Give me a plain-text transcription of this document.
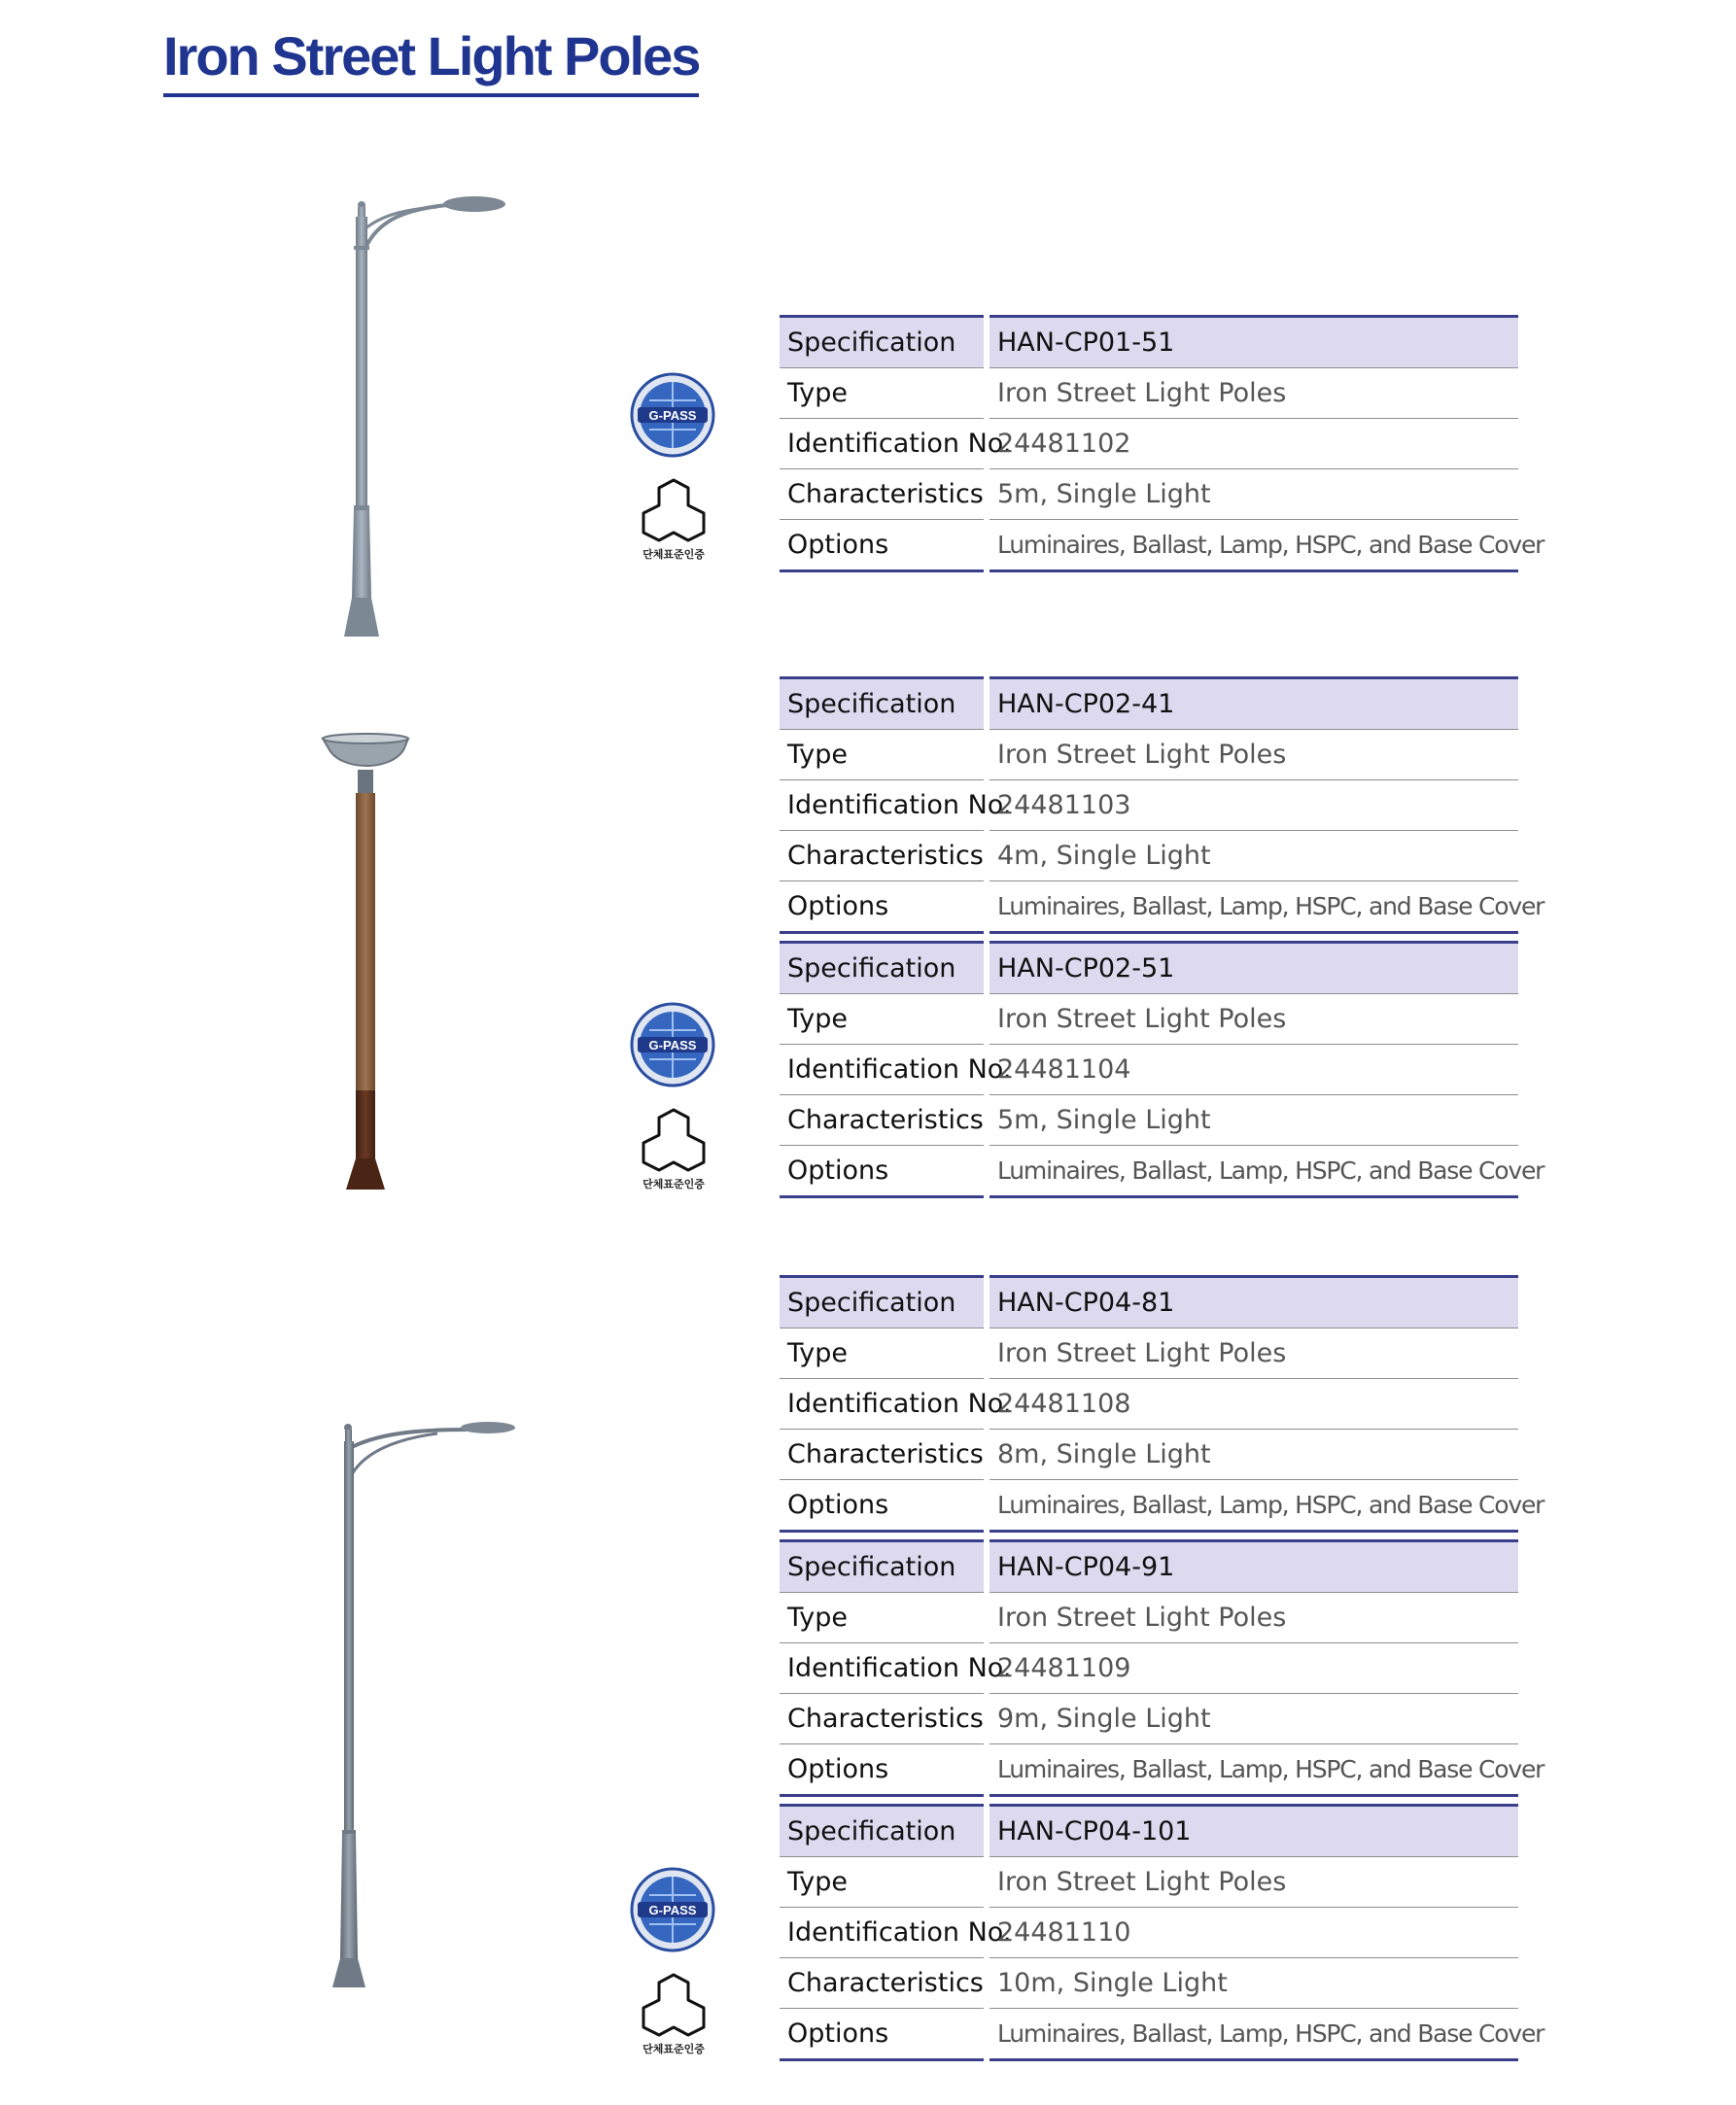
Iron Street Light Poles
G-PASS
단체표준인증
G-PASS
단체표준인증
G-PASS
단체표준인증
Specification	HAN-CP01-51
Type	Iron Street Light Poles
Identification No.	24481102
Characteristics	5m, Single Light
Options	Luminaires, Ballast, Lamp, HSPC, and Base Cover
Specification	HAN-CP02-41
Type	Iron Street Light Poles
Identification No.	24481103
Characteristics	4m, Single Light
Options	Luminaires, Ballast, Lamp, HSPC, and Base Cover
Specification	HAN-CP02-51
Type	Iron Street Light Poles
Identification No.	24481104
Characteristics	5m, Single Light
Options	Luminaires, Ballast, Lamp, HSPC, and Base Cover
Specification	HAN-CP04-81
Type	Iron Street Light Poles
Identification No.	24481108
Characteristics	8m, Single Light
Options	Luminaires, Ballast, Lamp, HSPC, and Base Cover
Specification	HAN-CP04-91
Type	Iron Street Light Poles
Identification No.	24481109
Characteristics	9m, Single Light
Options	Luminaires, Ballast, Lamp, HSPC, and Base Cover
Specification	HAN-CP04-101
Type	Iron Street Light Poles
Identification No.	24481110
Characteristics	10m, Single Light
Options	Luminaires, Ballast, Lamp, HSPC, and Base Cover
